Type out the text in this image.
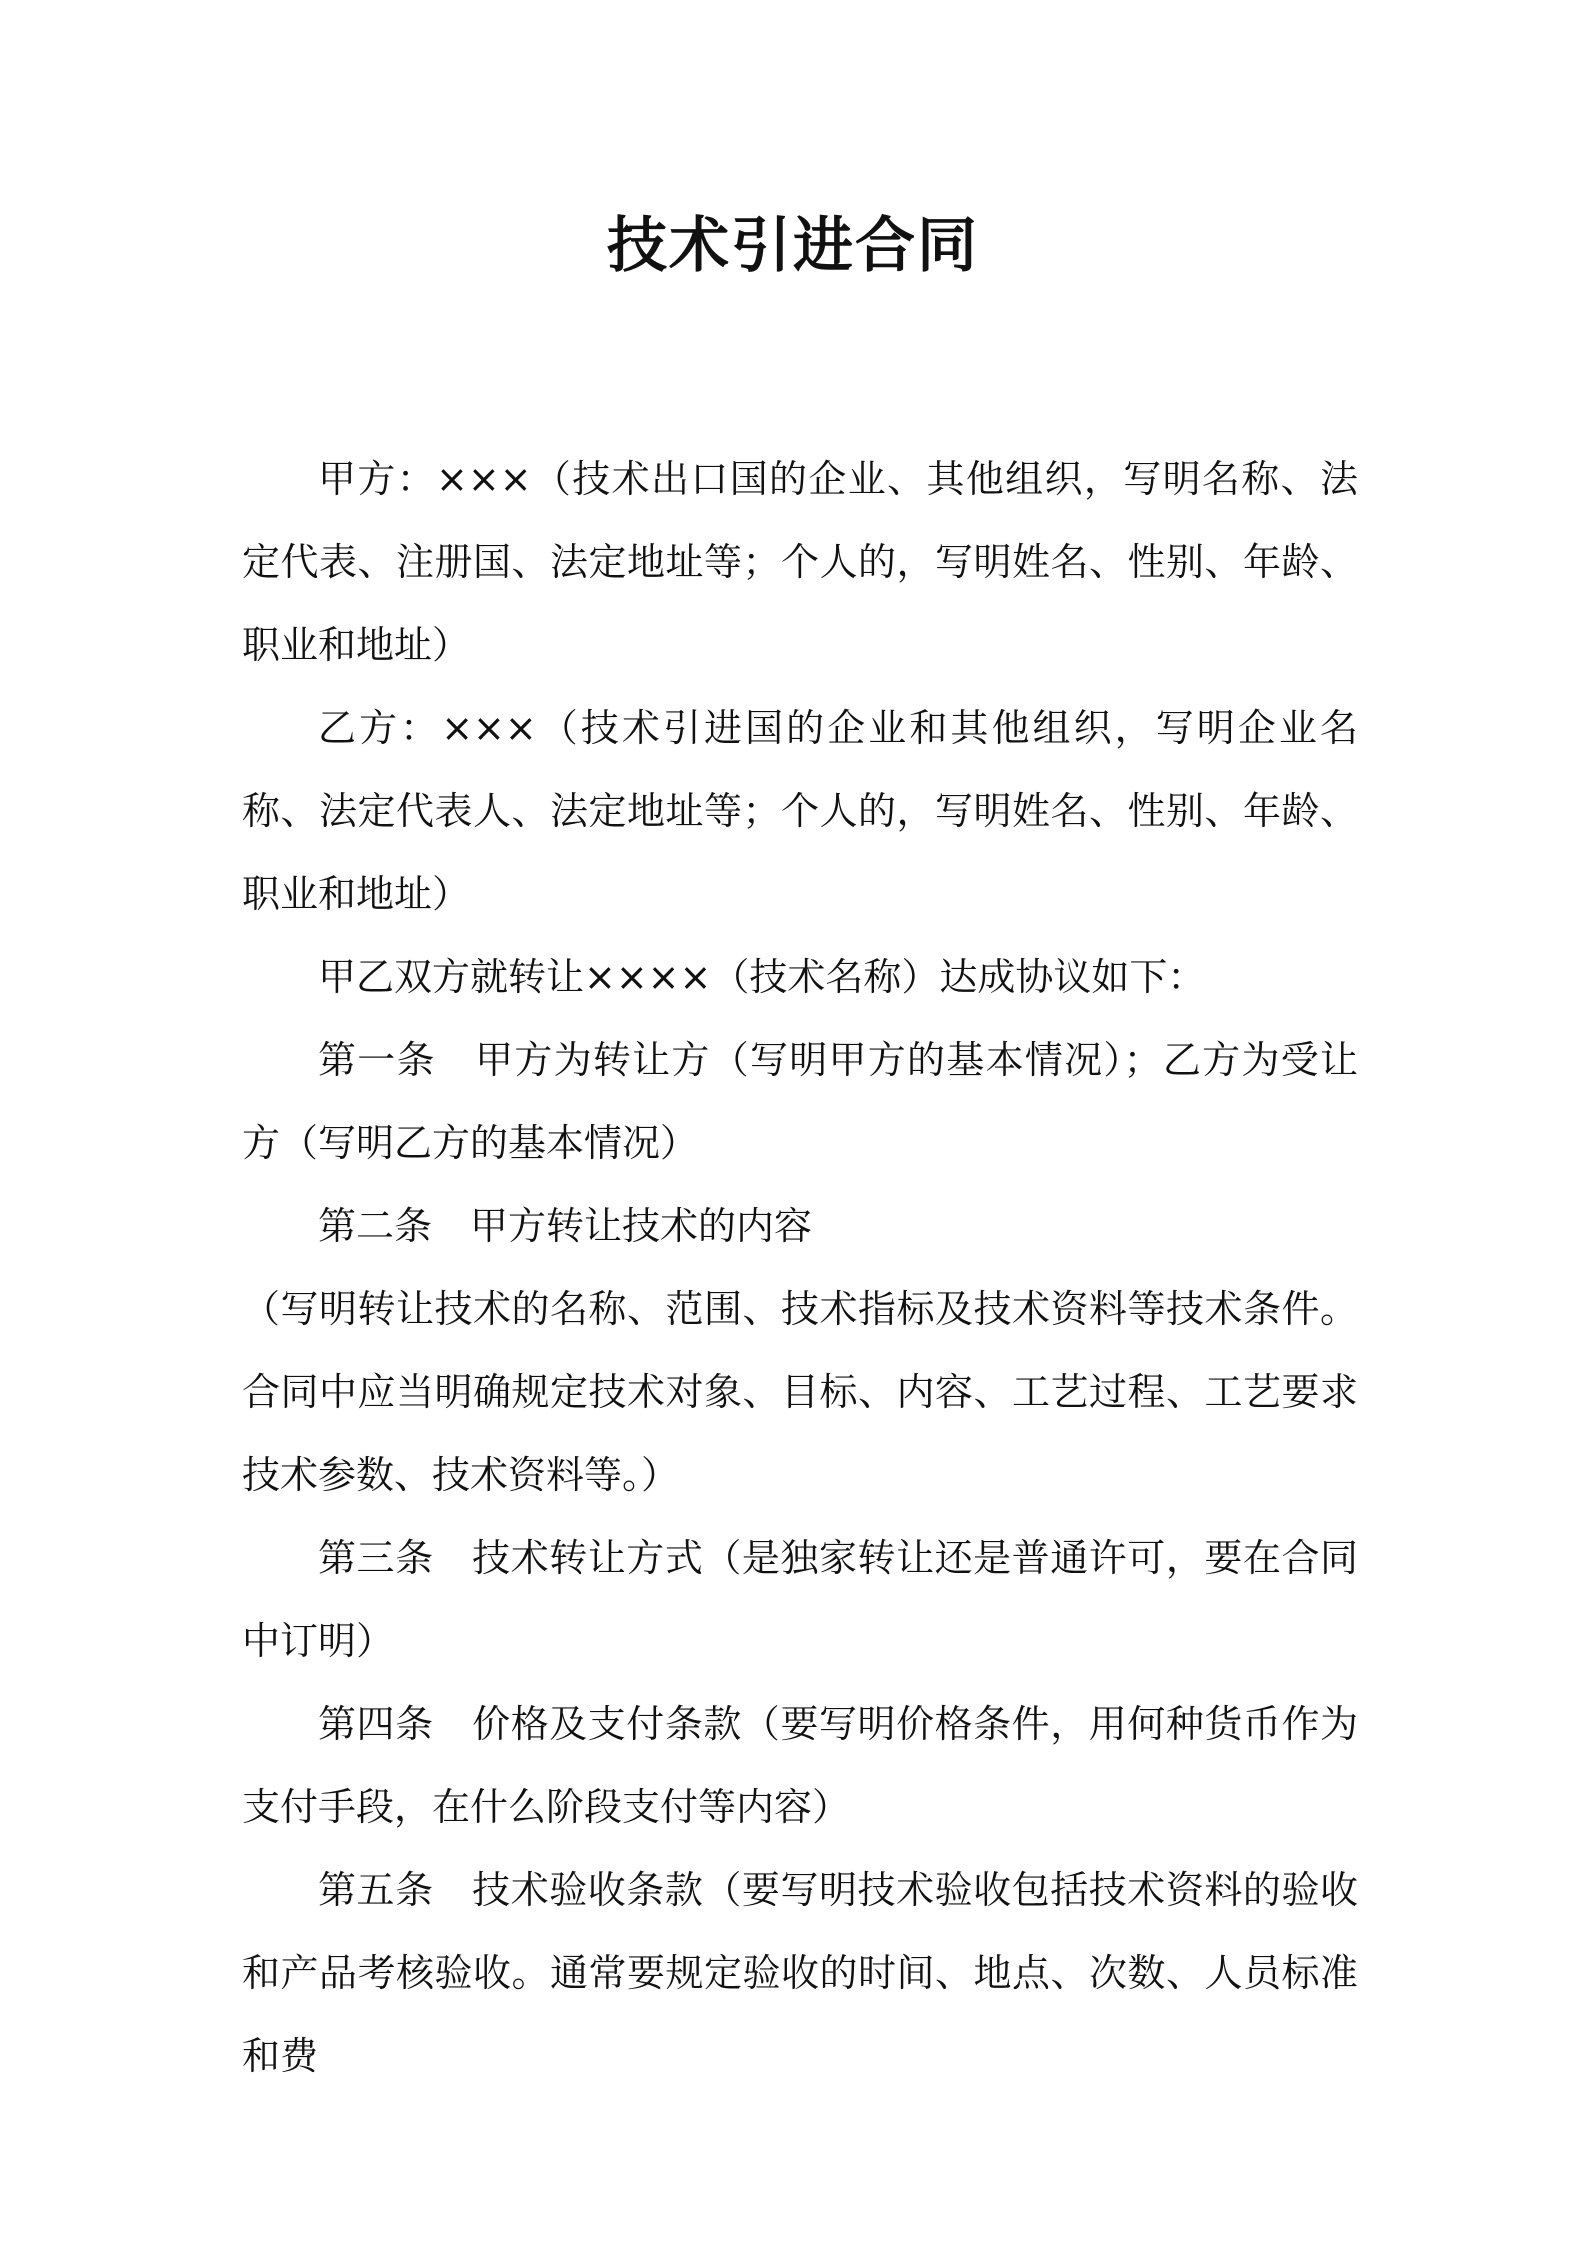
技术引进合同

甲方：×××（技术出口国的企业、其他组织，写明名称、法定代表、注册国、法定地址等；个人的，写明姓名、性别、年龄、职业和地址）

乙方：×××（技术引进国的企业和其他组织，写明企业名称、法定代表人、法定地址等；个人的，写明姓名、性别、年龄、职业和地址）

甲乙双方就转让××××（技术名称）达成协议如下：

第一条 甲方为转让方（写明甲方的基本情况）；乙方为受让方（写明乙方的基本情况）

第二条 甲方转让技术的内容

（写明转让技术的名称、范围、技术指标及技术资料等技术条件。合同中应当明确规定技术对象、目标、内容、工艺过程、工艺要求技术参数、技术资料等。）

第三条 技术转让方式（是独家转让还是普通许可，要在合同中订明）

第四条 价格及支付条款（要写明价格条件，用何种货币作为支付手段，在什么阶段支付等内容）

第五条 技术验收条款（要写明技术验收包括技术资料的验收和产品考核验收。通常要规定验收的时间、地点、次数、人员标准和费
